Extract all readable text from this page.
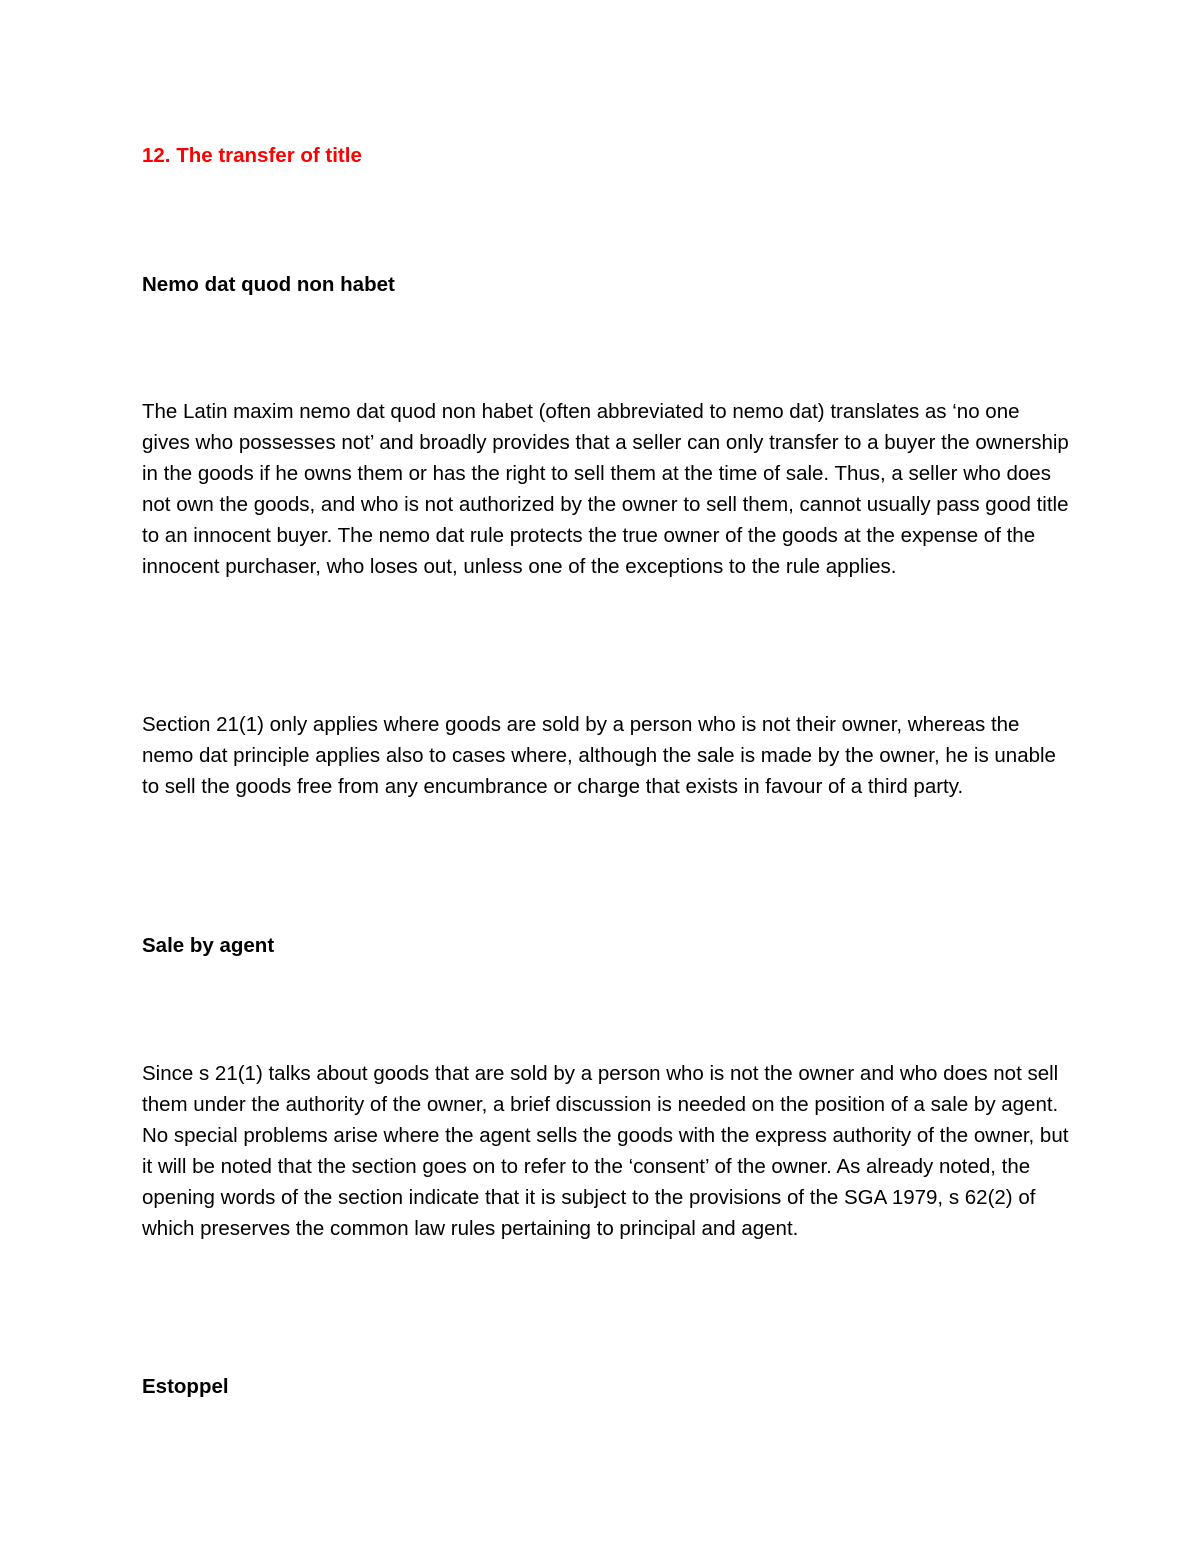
12. The transfer of title

Nemo dat quod non habet

The Latin maxim nemo dat quod non habet (often abbreviated to nemo dat) translates as ‘no one gives who possesses not’ and broadly provides that a seller can only transfer to a buyer the ownership in the goods if he owns them or has the right to sell them at the time of sale. Thus, a seller who does not own the goods, and who is not authorized by the owner to sell them, cannot usually pass good title to an innocent buyer. The nemo dat rule protects the true owner of the goods at the expense of the innocent purchaser, who loses out, unless one of the exceptions to the rule applies.

Section 21(1) only applies where goods are sold by a person who is not their owner, whereas the nemo dat principle applies also to cases where, although the sale is made by the owner, he is unable to sell the goods free from any encumbrance or charge that exists in favour of a third party.

Sale by agent

Since s 21(1) talks about goods that are sold by a person who is not the owner and who does not sell them under the authority of the owner, a brief discussion is needed on the position of a sale by agent. No special problems arise where the agent sells the goods with the express authority of the owner, but it will be noted that the section goes on to refer to the ‘consent’ of the owner. As already noted, the opening words of the section indicate that it is subject to the provisions of the SGA 1979, s 62(2) of which preserves the common law rules pertaining to principal and agent.

Estoppel
